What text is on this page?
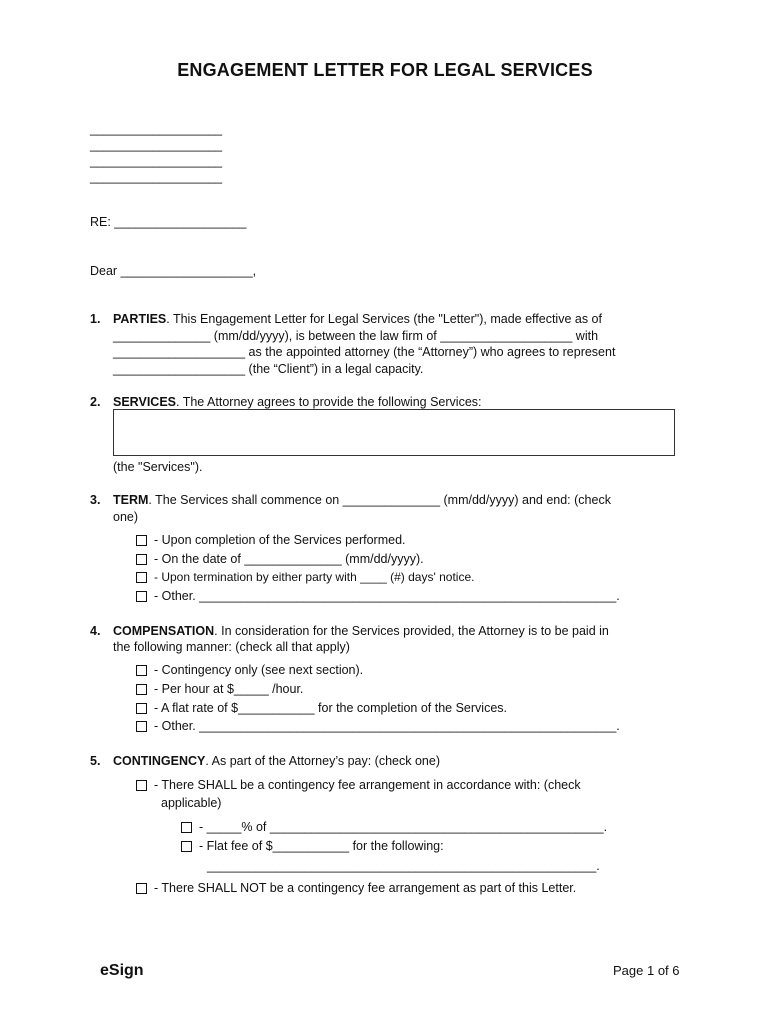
ENGAGEMENT LETTER FOR LEGAL SERVICES
___________________
___________________
___________________
___________________
RE: ___________________
Dear ___________________,
1. PARTIES. This Engagement Letter for Legal Services (the "Letter"), made effective as of
______________ (mm/dd/yyyy), is between the law firm of ___________________ with
___________________ as the appointed attorney (the “Attorney”) who agrees to represent
___________________ (the “Client”) in a legal capacity.
2. SERVICES. The Attorney agrees to provide the following Services:
(the "Services").
3. TERM. The Services shall commence on ______________ (mm/dd/yyyy) and end: (check
one)

- Upon completion of the Services performed.

- On the date of ______________ (mm/dd/yyyy).

- Upon termination by either party with ____ (#) days' notice.

- Other. ____________________________________________________________.

4. COMPENSATION. In consideration for the Services provided, the Attorney is to be paid in
the following manner: (check all that apply)

- Contingency only (see next section).

- Per hour at $_____ /hour.

- A flat rate of $___________ for the completion of the Services.

- Other. ____________________________________________________________.

5. CONTINGENCY. As part of the Attorney’s pay: (check one)

- There SHALL be a contingency fee arrangement in accordance with: (check

applicable)

- _____% of ________________________________________________.

- Flat fee of $___________ for the following:

________________________________________________________.

- There SHALL NOT be a contingency fee arrangement as part of this Letter.

eSign	Page 1 of 6
